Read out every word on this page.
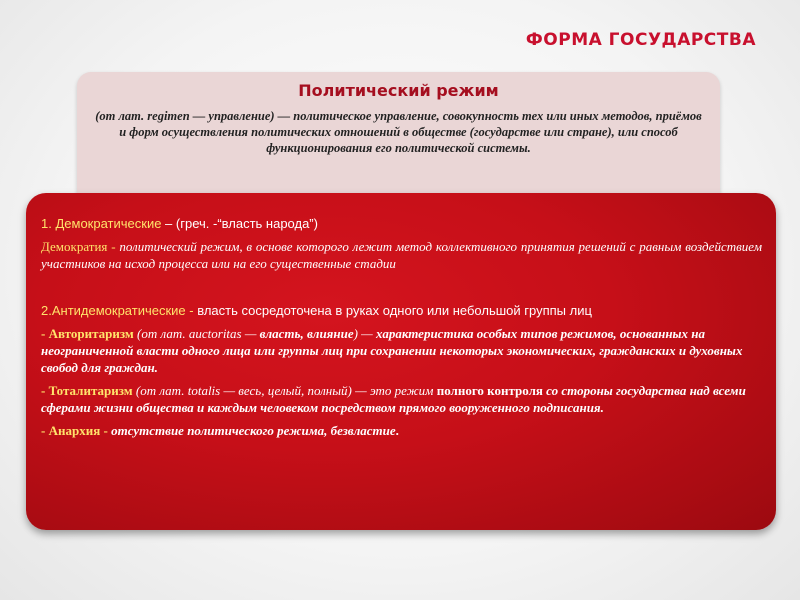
ФОРМА ГОСУДАРСТВА
Политический режим
(от лат. regimen — управление) — политическое управление, совокупность тех или иных методов, приёмов и форм осуществления политических отношений в обществе (государстве или стране), или способ функционирования его политической системы.
1. Демократические – (греч. -“власть народа”)
Демократия - политический режим, в основе которого лежит метод коллективного принятия решений с равным воздействием участников на исход процесса или на его существенные стадии
2.Антидемократические - власть сосредоточена в руках одного или небольшой группы лиц
- Авторитаризм (от лат. auctoritas — власть, влияние) — характеристика особых типов режимов, основанных на неограниченной власти одного лица или группы лиц при сохранении некоторых экономических, гражданских и духовных свобод для граждан.
- Тоталитаризм (от лат. totalis — весь, целый, полный) — это режим полного контроля со стороны государства над всеми сферами жизни общества и каждым человеком посредством прямого вооруженного подписания.
- Анархия - отсутствие политического режима, безвластие.
